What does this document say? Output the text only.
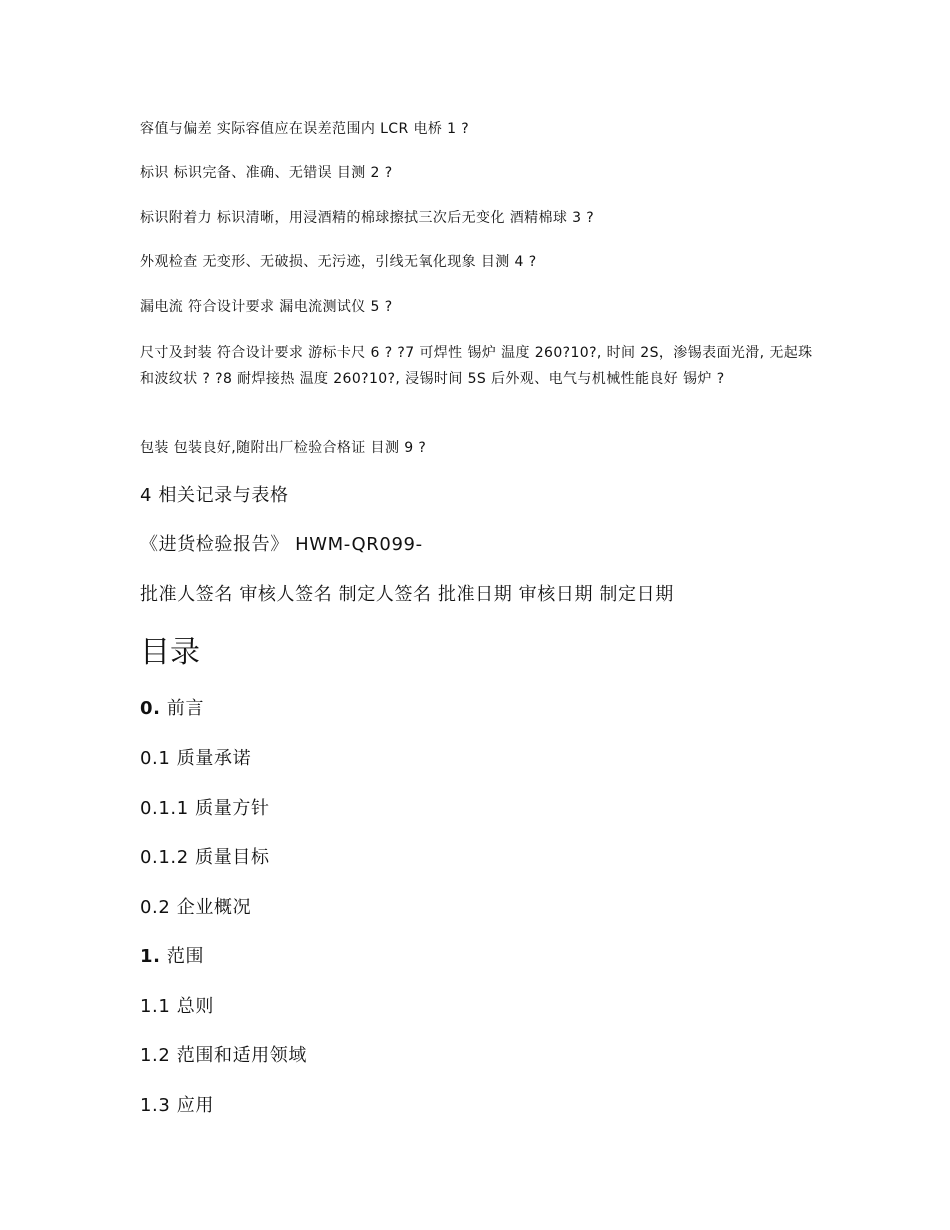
容值与偏差 实际容值应在误差范围内 LCR 电桥 1 ?

标识 标识完备、准确、无错误 目测 2 ?

标识附着力 标识清晰，用浸酒精的棉球擦拭三次后无变化 酒精棉球 3 ?

外观检查 无变形、无破损、无污迹，引线无氧化现象 目测 4 ?

漏电流 符合设计要求 漏电流测试仪 5 ?

尺寸及封装 符合设计要求 游标卡尺 6 ? ?7 可焊性 锡炉 温度 260?10?, 时间 2S，渗锡表面光滑, 无起珠和波纹状 ? ?8 耐焊接热 温度 260?10?, 浸锡时间 5S 后外观、电气与机械性能良好 锡炉 ?

包装 包装良好,随附出厂检验合格证 目测 9 ?

4 相关记录与表格

《进货检验报告》 HWM-QR099-

批准人签名 审核人签名 制定人签名 批准日期 审核日期 制定日期

目录

0. 前言

0.1 质量承诺

0.1.1 质量方针

0.1.2 质量目标

0.2 企业概况

1. 范围

1.1 总则

1.2 范围和适用领域

1.3 应用
